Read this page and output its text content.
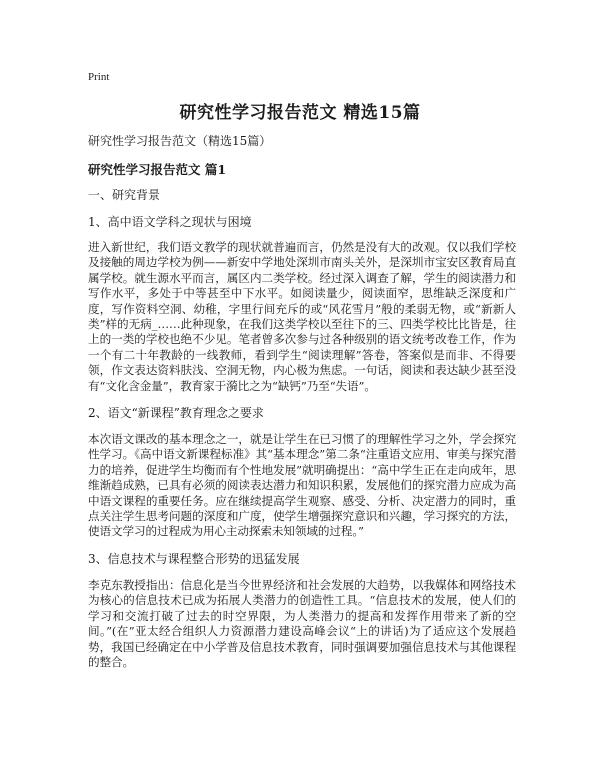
Print
研究性学习报告范文 精选15篇

研究性学习报告范文（精选15篇）

研究性学习报告范文 篇1
一、研究背景
1、高中语文学科之现状与困境

进入新世纪，我们语文教学的现状就普遍而言，仍然是没有大的改观。仅以我们学校及接触的周边学校为例——新安中学地处深圳市南头关外，是深圳市宝安区教育局直属学校。就生源水平而言，属区内二类学校。经过深入调查了解，学生的阅读潜力和写作水平，多处于中等甚至中下水平。如阅读量少，阅读面窄，思维缺乏深度和广度，写作资料空洞、幼稚，字里行间充斥的或“风花雪月”般的柔弱无物，或“新新人类”样的无病_……此种现象，在我们这类学校以至往下的三、四类学校比比皆是，往上的一类的学校也绝不少见。笔者曾多次参与过各种级别的语文统考改卷工作，作为一个有二十年教龄的一线教师，看到学生“阅读理解”答卷，答案似是而非、不得要领，作文表达资料肤浅、空洞无物，内心极为焦虑。一句话，阅读和表达缺少甚至没有“文化含金量”，教育家于漪比之为“缺钙”乃至“失语”。

2、语文“新课程”教育理念之要求

本次语文课改的基本理念之一，就是让学生在已习惯了的理解性学习之外，学会探究性学习。《高中语文新课程标准》其“基本理念”第二条“注重语文应用、审美与探究潜力的培养，促进学生均衡而有个性地发展”就明确提出：“高中学生正在走向成年，思维渐趋成熟，已具有必须的阅读表达潜力和知识积累，发展他们的探究潜力应成为高中语文课程的重要任务。应在继续提高学生观察、感受、分析、决定潜力的同时，重点关注学生思考问题的深度和广度，使学生增强探究意识和兴趣，学习探究的方法，使语文学习的过程成为用心主动探索未知领域的过程。”

3、信息技术与课程整合形势的迅猛发展

李克东教授指出：信息化是当今世界经济和社会发展的大趋势，以我媒体和网络技术为核心的信息技术已成为拓展人类潜力的创造性工具。“信息技术的发展，使人们的学习和交流打破了过去的时空界限，为人类潜力的提高和发挥作用带来了新的空间。”(在”亚太经合组织人力资源潜力建设高峰会议“上的讲话)为了适应这个发展趋势，我国已经确定在中小学普及信息技术教育，同时强调要加强信息技术与其他课程的整合。
